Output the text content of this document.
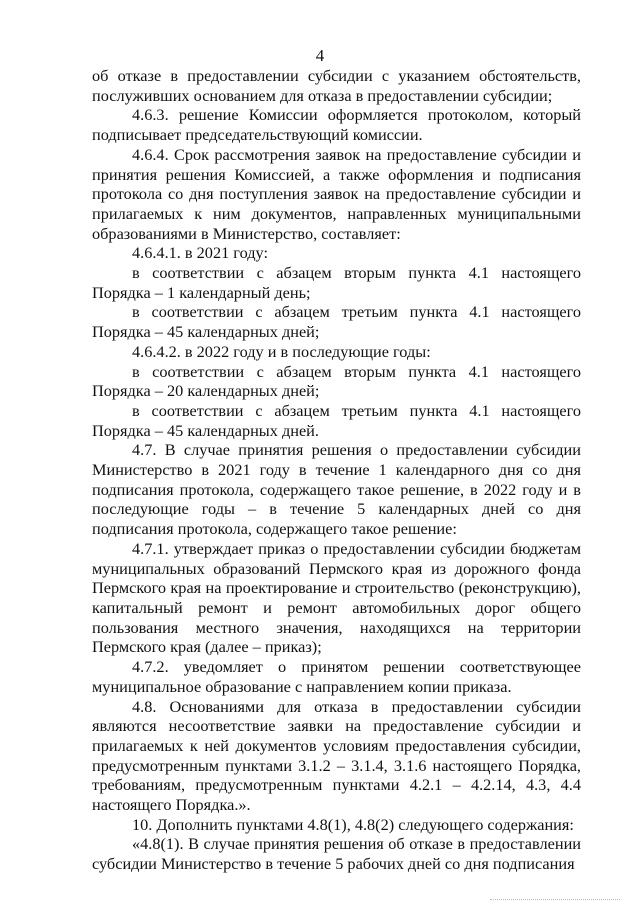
4

об отказе в предоставлении субсидии с указанием обстоятельств, послуживших основанием для отказа в предоставлении субсидии;

4.6.3. решение Комиссии оформляется протоколом, который подписывает председательствующий комиссии.

4.6.4. Срок рассмотрения заявок на предоставление субсидии и принятия решения Комиссией, а также оформления и подписания протокола со дня поступления заявок на предоставление субсидии и прилагаемых к ним документов, направленных муниципальными образованиями в Министерство, составляет:

4.6.4.1. в 2021 году:

в соответствии с абзацем вторым пункта 4.1 настоящего Порядка – 1 календарный день;

в соответствии с абзацем третьим пункта 4.1 настоящего Порядка – 45 календарных дней;

4.6.4.2. в 2022 году и в последующие годы:

в соответствии с абзацем вторым пункта 4.1 настоящего Порядка – 20 календарных дней;

в соответствии с абзацем третьим пункта 4.1 настоящего Порядка – 45 календарных дней.

4.7. В случае принятия решения о предоставлении субсидии Министерство в 2021 году в течение 1 календарного дня со дня подписания протокола, содержащего такое решение, в 2022 году и в последующие годы – в течение 5 календарных дней со дня подписания протокола, содержащего такое решение:

4.7.1. утверждает приказ о предоставлении субсидии бюджетам муниципальных образований Пермского края из дорожного фонда Пермского края на проектирование и строительство (реконструкцию), капитальный ремонт и ремонт автомобильных дорог общего пользования местного значения, находящихся на территории Пермского края (далее – приказ);

4.7.2. уведомляет о принятом решении соответствующее муниципальное образование с направлением копии приказа.

4.8. Основаниями для отказа в предоставлении субсидии являются несоответствие заявки на предоставление субсидии и прилагаемых к ней документов условиям предоставления субсидии, предусмотренным пунктами 3.1.2 – 3.1.4, 3.1.6 настоящего Порядка, требованиям, предусмотренным пунктами 4.2.1 – 4.2.14, 4.3, 4.4 настоящего Порядка.».

10. Дополнить пунктами 4.8(1), 4.8(2) следующего содержания:

«4.8(1). В случае принятия решения об отказе в предоставлении субсидии Министерство в течение 5 рабочих дней со дня подписания
